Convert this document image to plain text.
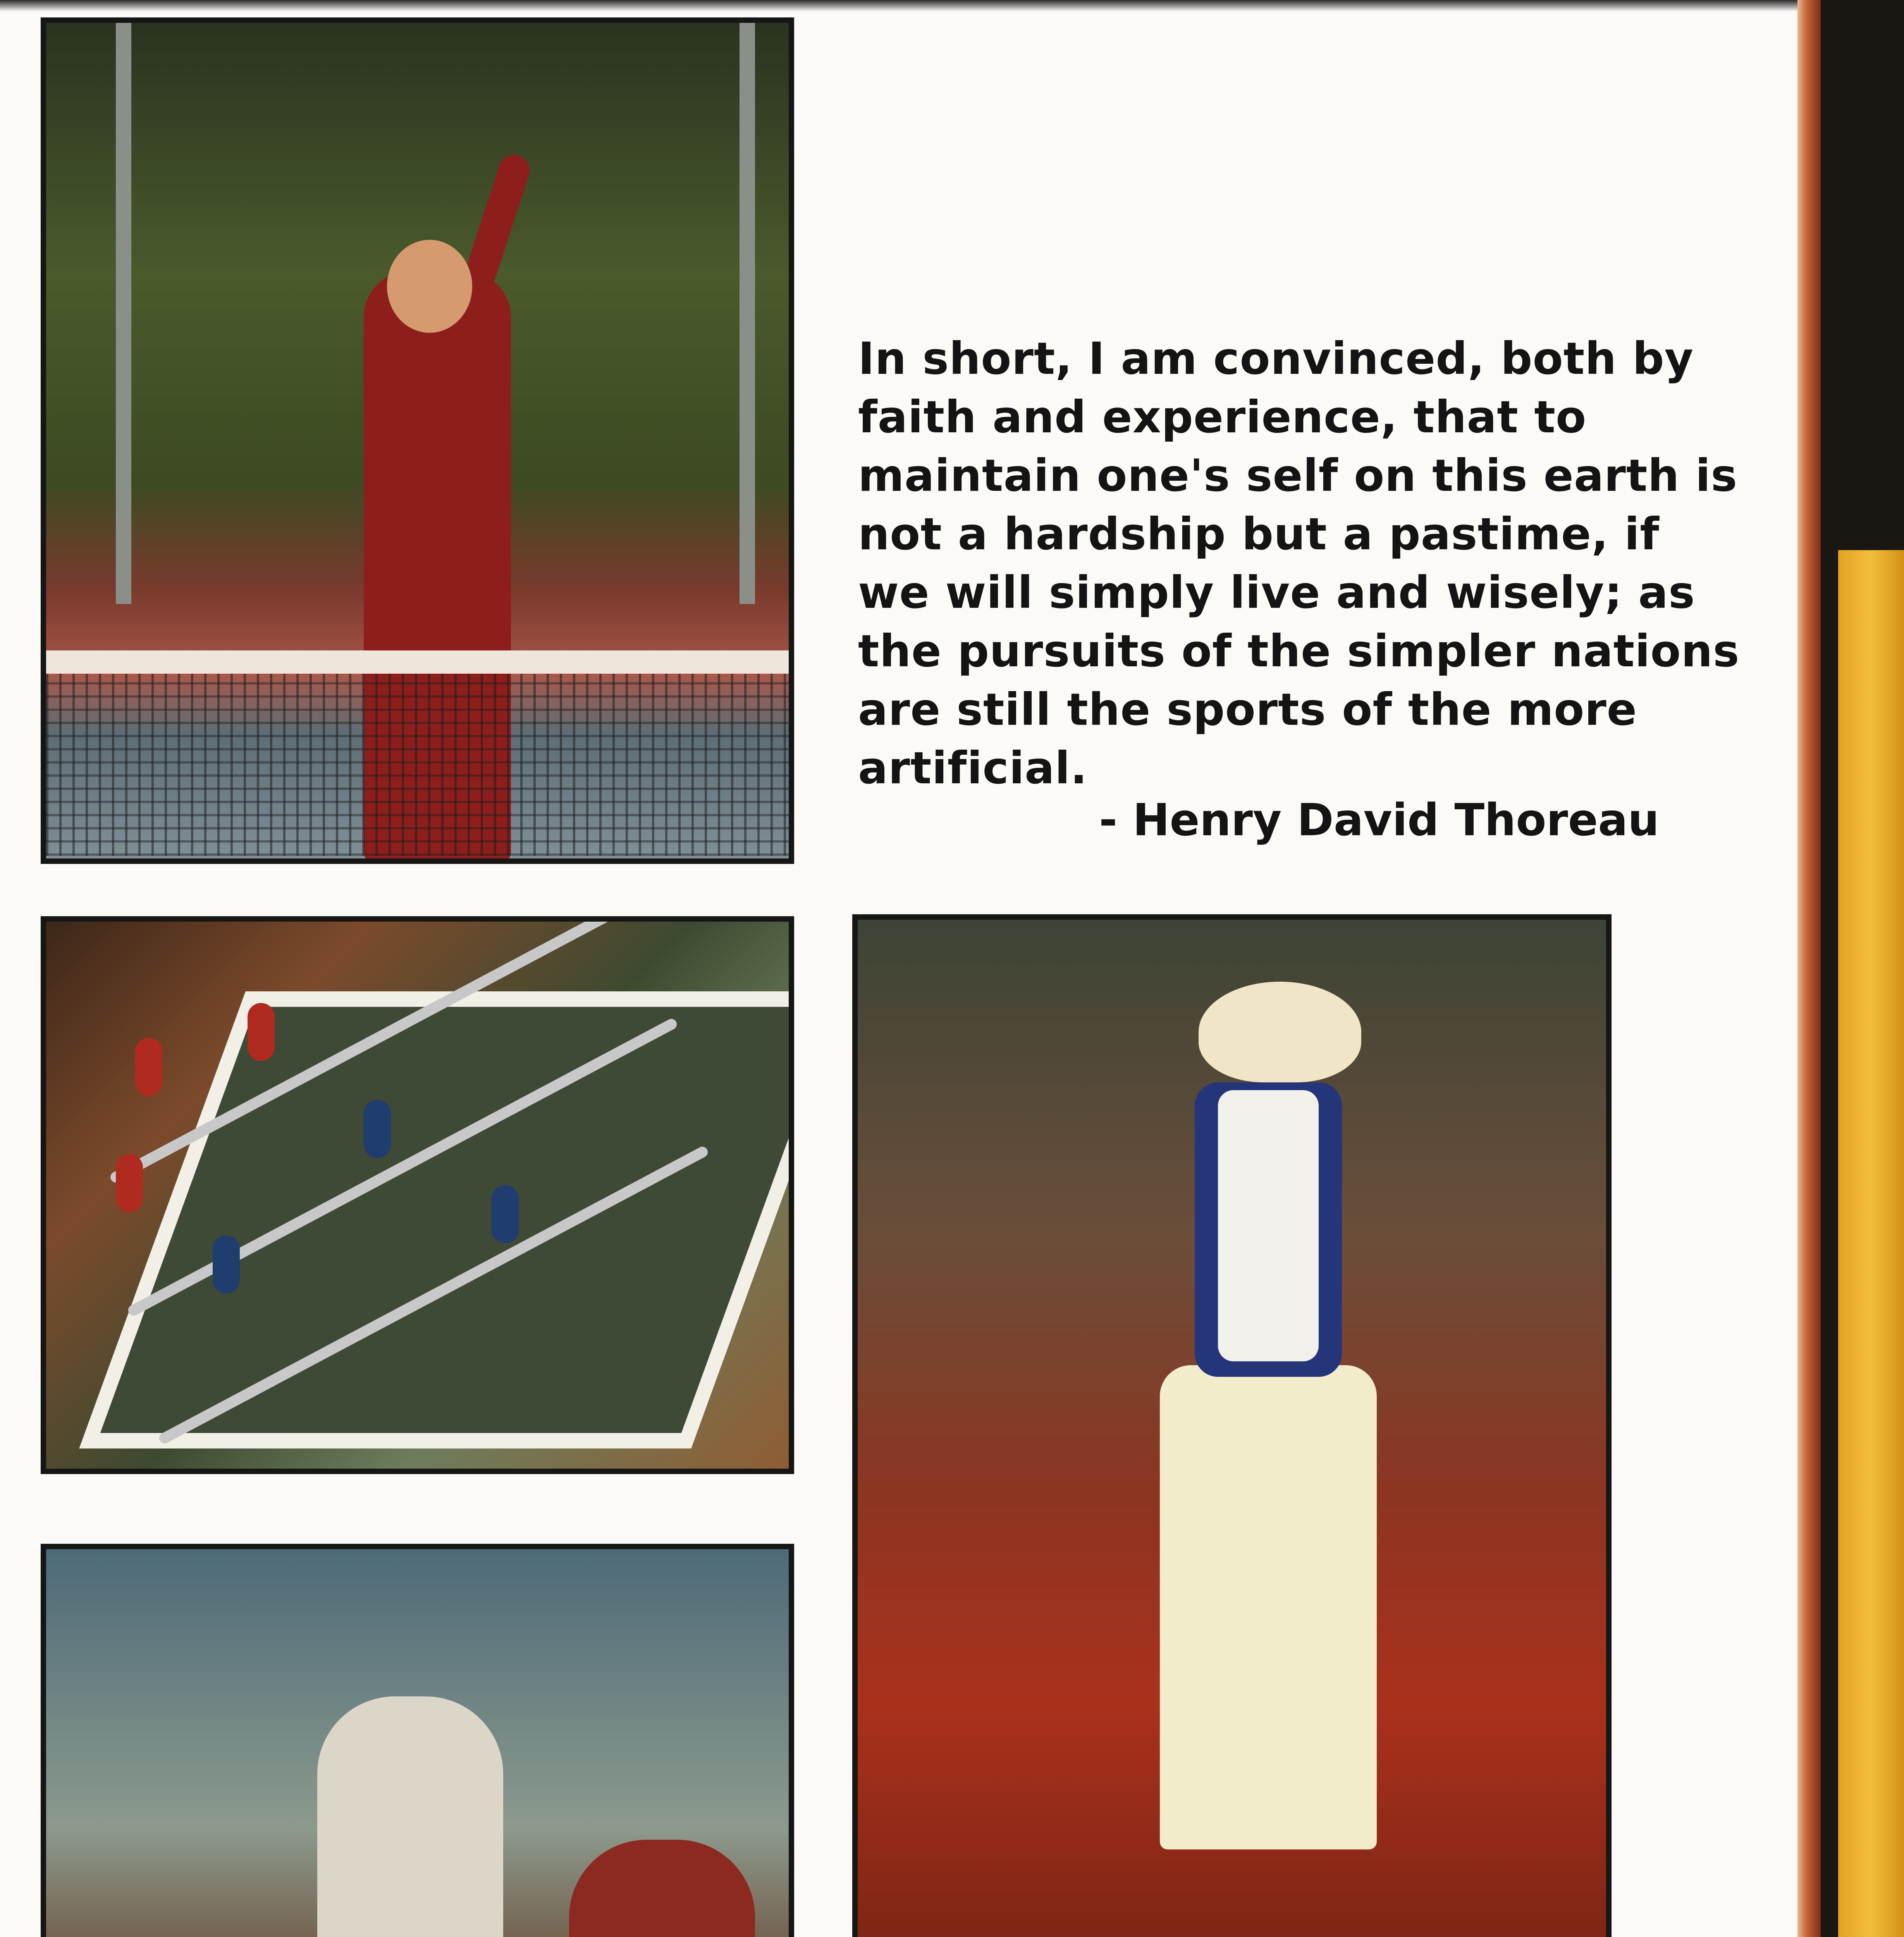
In short, I am convinced, both by
faith and experience, that to
maintain one's self on this earth is
not a hardship but a pastime, if
we will simply live and wisely; as
the pursuits of the simpler nations
are still the sports of the more
artificial.

- Henry David Thoreau
